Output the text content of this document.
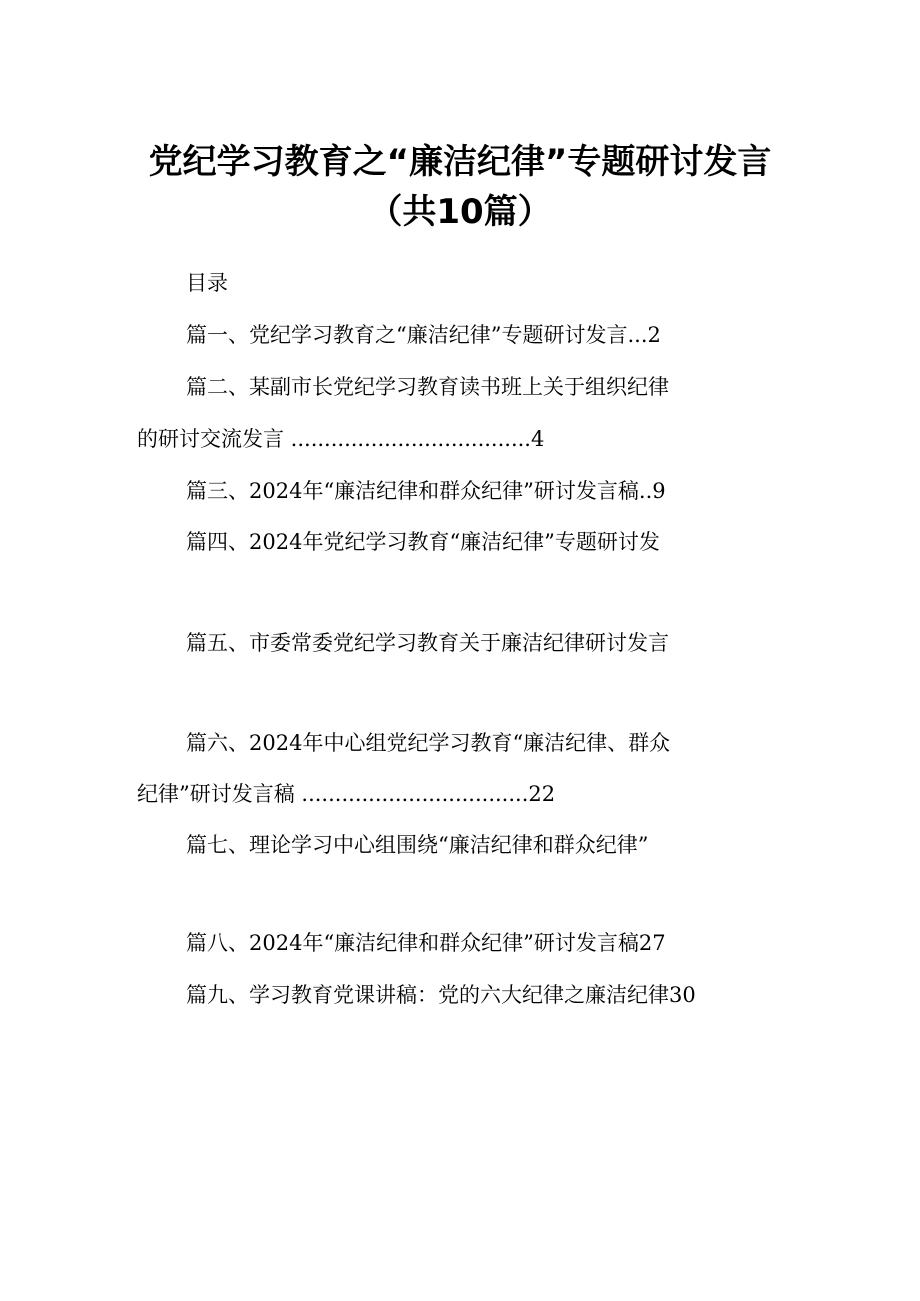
党纪学习教育之“廉洁纪律”专题研讨发言
（共10篇）
目录
篇一、党纪学习教育之“廉洁纪律”专题研讨发言...2
篇二、某副市长党纪学习教育读书班上关于组织纪律
的研讨交流发言 ....................................4
篇三、2024年“廉洁纪律和群众纪律”研讨发言稿..9
篇四、2024年党纪学习教育“廉洁纪律”专题研讨发
篇五、市委常委党纪学习教育关于廉洁纪律研讨发言
篇六、2024年中心组党纪学习教育“廉洁纪律、群众
纪律”研讨发言稿 ..................................22
篇七、理论学习中心组围绕“廉洁纪律和群众纪律”
篇八、2024年“廉洁纪律和群众纪律”研讨发言稿27
篇九、学习教育党课讲稿：党的六大纪律之廉洁纪律30
